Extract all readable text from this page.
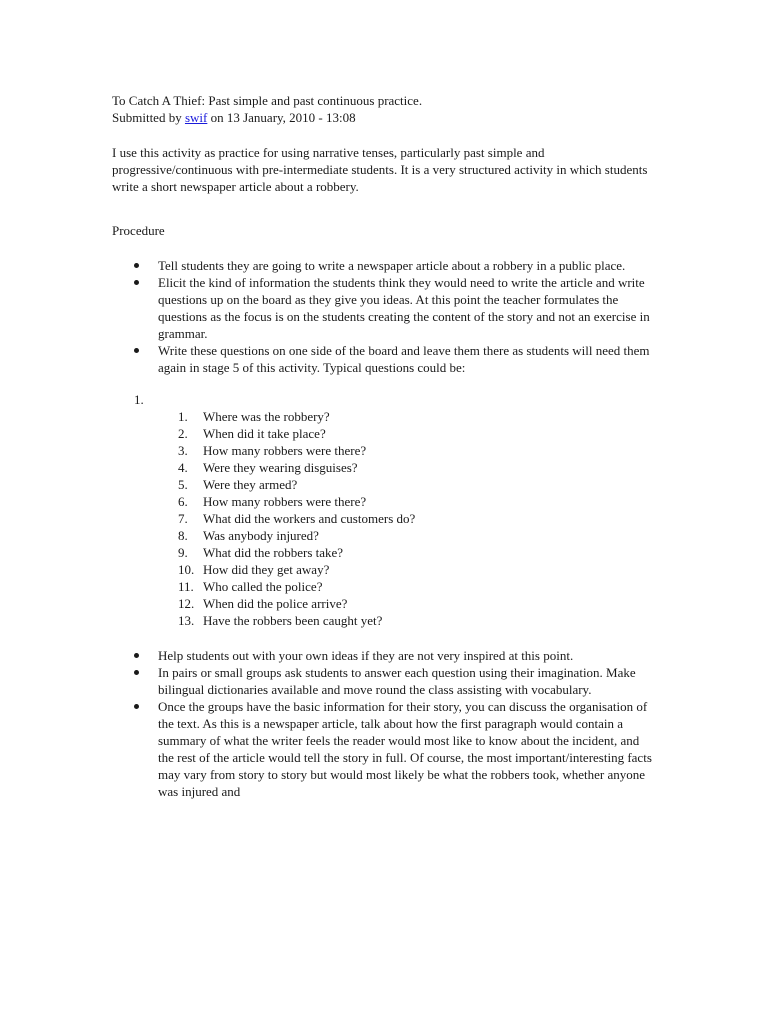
To Catch A Thief: Past simple and past continuous practice.

Submitted by swif on 13 January, 2010 - 13:08

I use this activity as practice for using narrative tenses, particularly past simple and progressive/continuous with pre-intermediate students. It is a very structured activity in which students write a short newspaper article about a robbery.

Procedure

Tell students they are going to write a newspaper article about a robbery in a public place.
Elicit the kind of information the students think they would need to write the article and write questions up on the board as they give you ideas. At this point the teacher formulates the questions as the focus is on the students creating the content of the story and not an exercise in grammar.
Write these questions on one side of the board and leave them there as students will need them again in stage 5 of this activity. Typical questions could be:
1.
1. Where was the robbery?
2. When did it take place?
3. How many robbers were there?
4. Were they wearing disguises?
5. Were they armed?
6. How many robbers were there?
7. What did the workers and customers do?
8. Was anybody injured?
9. What did the robbers take?
10. How did they get away?
11. Who called the police?
12. When did the police arrive?
13. Have the robbers been caught yet?
Help students out with your own ideas if they are not very inspired at this point.
In pairs or small groups ask students to answer each question using their imagination. Make bilingual dictionaries available and move round the class assisting with vocabulary.
Once the groups have the basic information for their story, you can discuss the organisation of the text. As this is a newspaper article, talk about how the first paragraph would contain a summary of what the writer feels the reader would most like to know about the incident, and the rest of the article would tell the story in full. Of course, the most important/interesting facts may vary from story to story but would most likely be what the robbers took, whether anyone was injured and
